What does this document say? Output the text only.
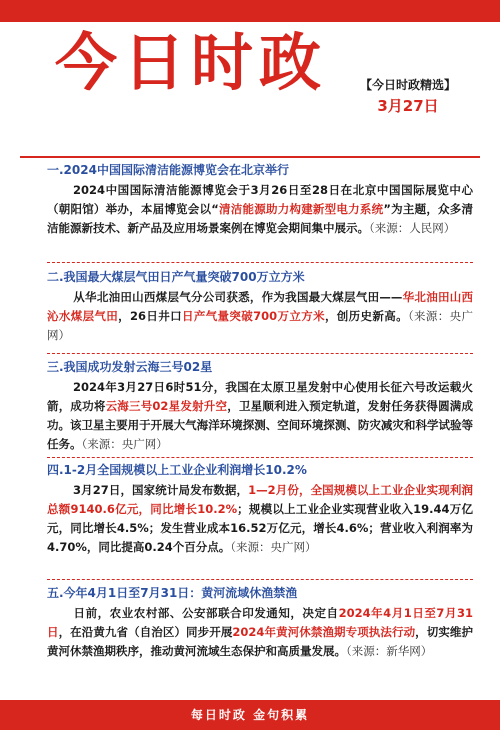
今日时政	【今日时政精选】
3月27日
一.2024中国国际清洁能源博览会在北京举行
2024中国国际清洁能源博览会于3月26日至28日在北京中国国际展览中心（朝阳馆）举办，本届博览会以“清洁能源助力构建新型电力系统”为主题，众多清洁能源新技术、新产品及应用场景案例在博览会期间集中展示。（来源：人民网）
二.我国最大煤层气田日产气量突破700万立方米
从华北油田山西煤层气分公司获悉，作为我国最大煤层气田——华北油田山西沁水煤层气田，26日井口日产气量突破700万立方米，创历史新高。（来源：央广网）
三.我国成功发射云海三号02星
2024年3月27日6时51分，我国在太原卫星发射中心使用长征六号改运载火箭，成功将云海三号02星发射升空，卫星顺利进入预定轨道，发射任务获得圆满成功。该卫星主要用于开展大气海洋环境探测、空间环境探测、防灾减灾和科学试验等任务。（来源：央广网）
四.1-2月全国规模以上工业企业利润增长10.2%
3月27日，国家统计局发布数据，1—2月份，全国规模以上工业企业实现利润总额9140.6亿元，同比增长10.2%；规模以上工业企业实现营业收入19.44万亿元，同比增长4.5%；发生营业成本16.52万亿元，增长4.6%；营业收入利润率为4.70%，同比提高0.24个百分点。（来源：央广网）
五.今年4月1日至7月31日：黄河流域休渔禁渔
日前，农业农村部、公安部联合印发通知，决定自2024年4月1日至7月31日，在沿黄九省（自治区）同步开展2024年黄河休禁渔期专项执法行动，切实维护黄河休禁渔期秩序，推动黄河流域生态保护和高质量发展。（来源：新华网）
每日时政 金句积累
